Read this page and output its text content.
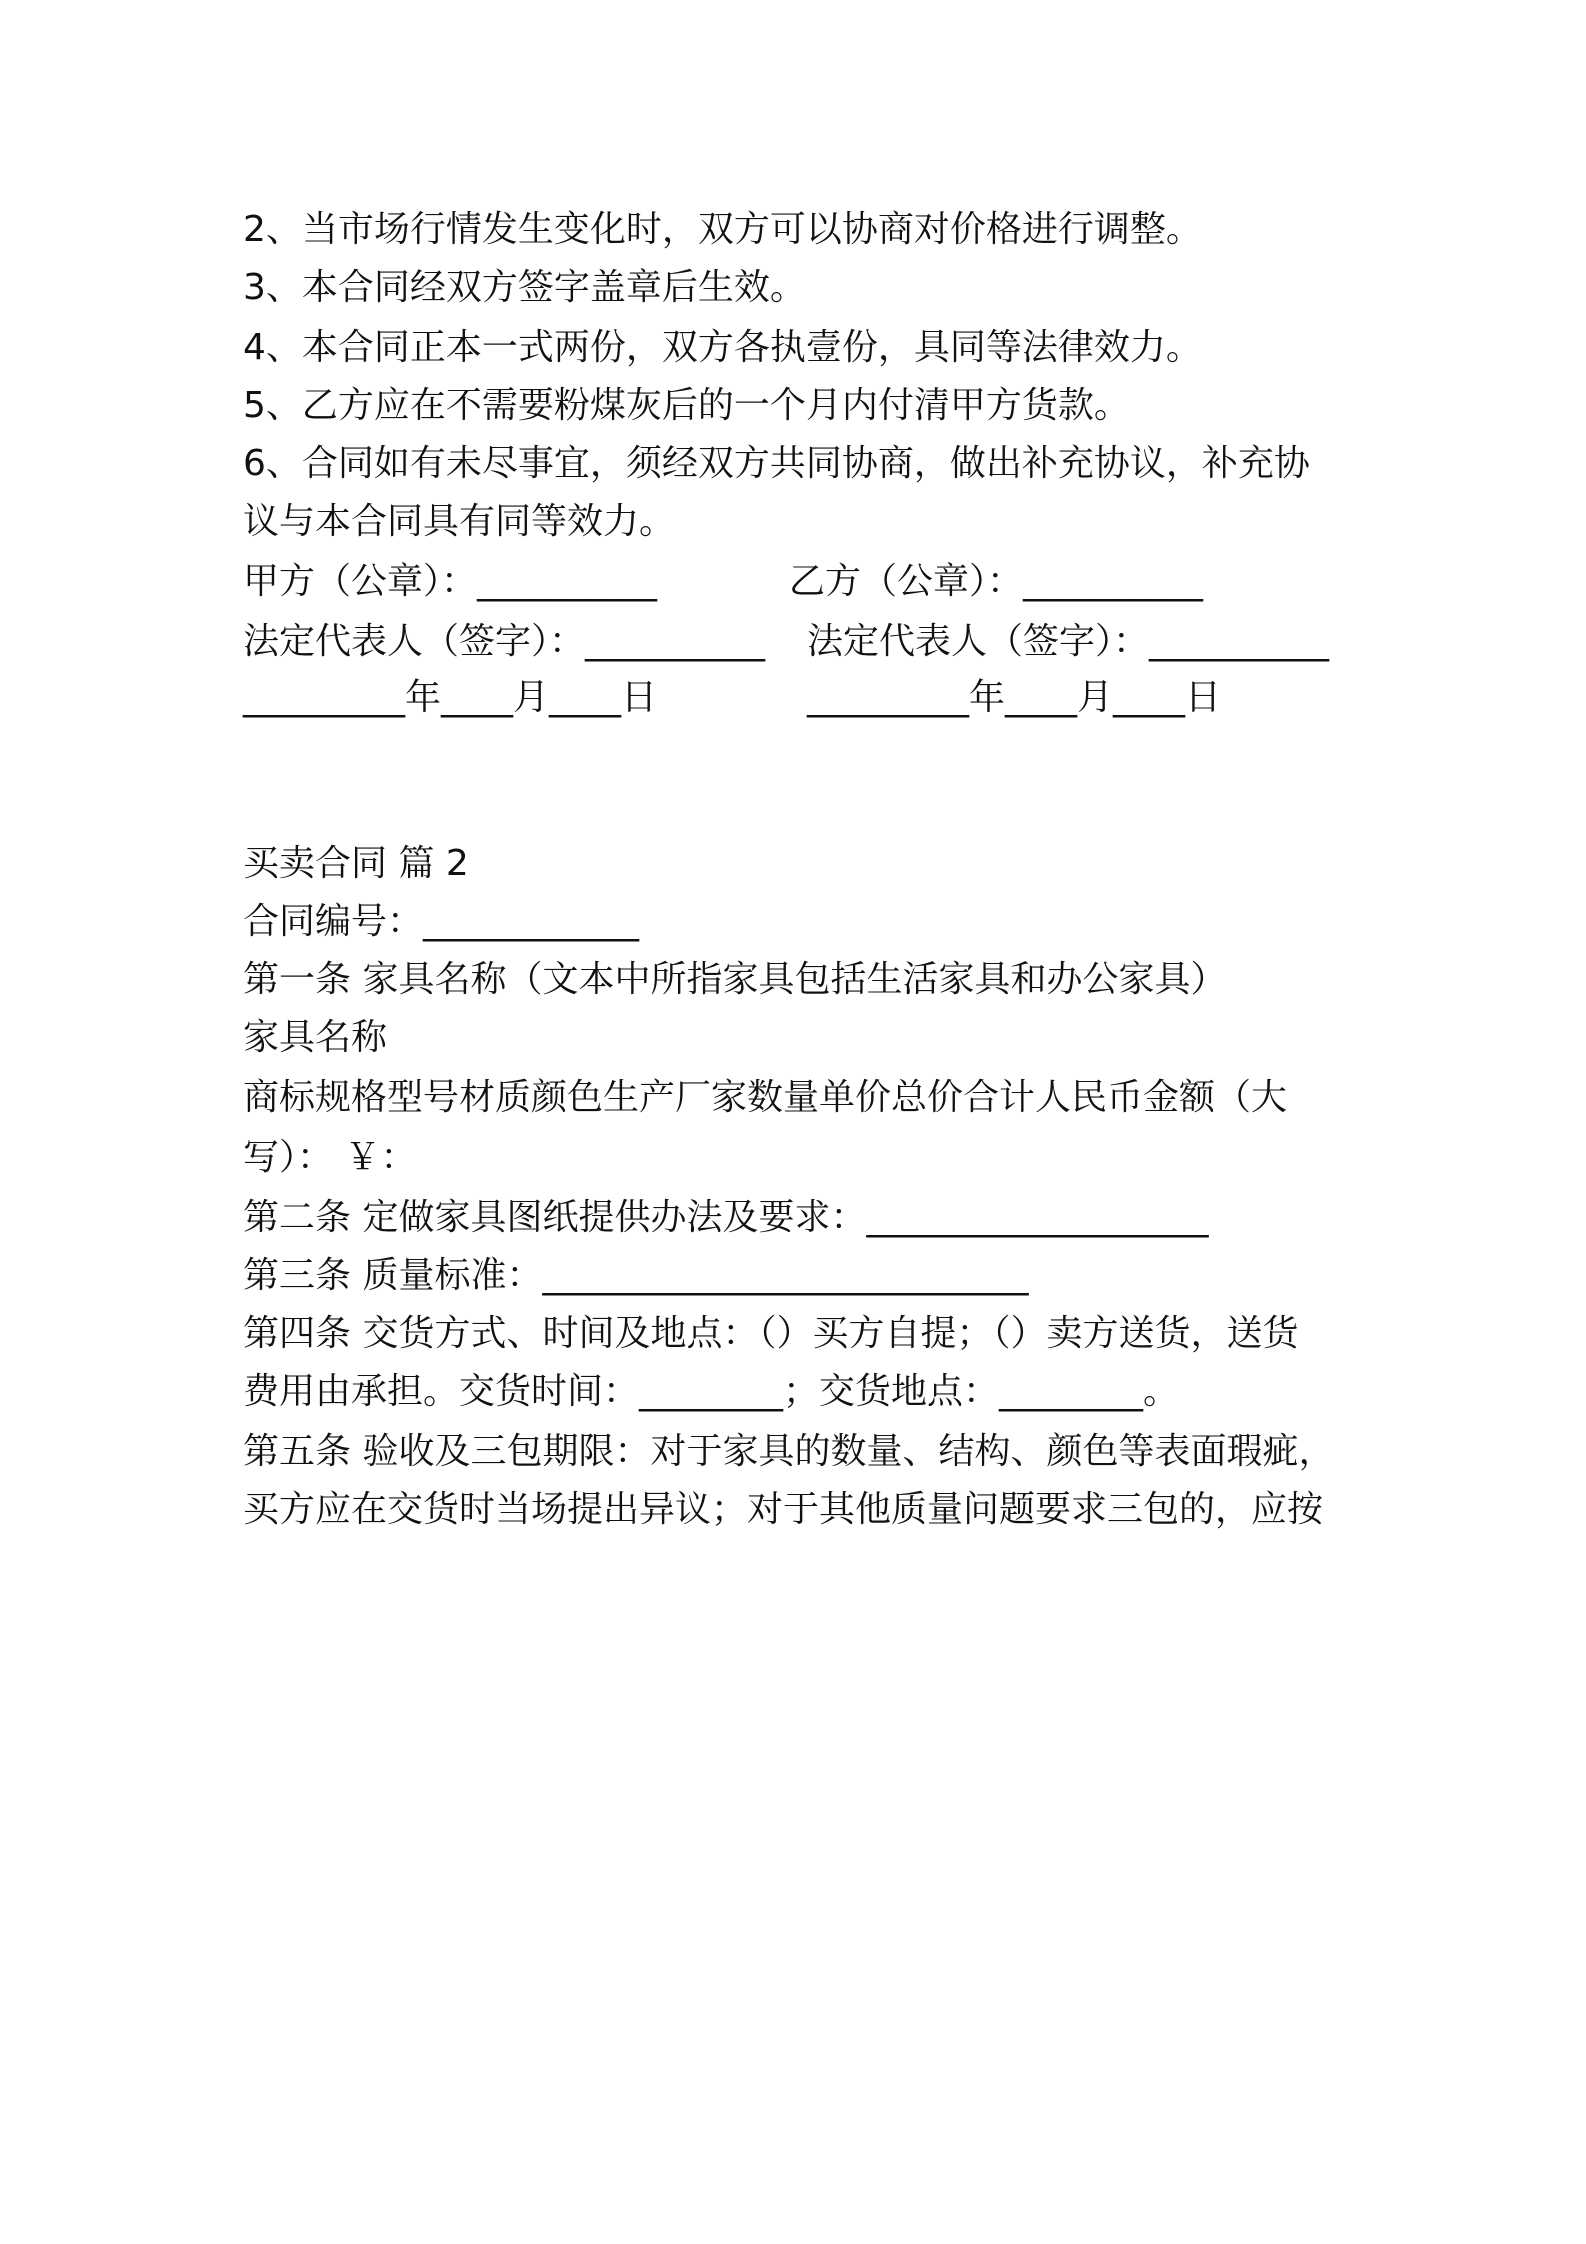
2、当市场行情发生变化时，双方可以协商对价格进行调整。

3、本合同经双方签字盖章后生效。

4、本合同正本一式两份，双方各执壹份，具同等法律效力。

5、乙方应在不需要粉煤灰后的一个月内付清甲方货款。

6、合同如有未尽事宜，须经双方共同协商，做出补充协议，补充协

议与本合同具有同等效力。

甲方（公章）：__________	乙方（公章）：__________
法定代表人（签字）：__________ 法定代表人（签字）：__________
_________年____月____日	_________年____月____日

买卖合同 篇 2

合同编号：____________

第一条 家具名称（文本中所指家具包括生活家具和办公家具）

家具名称

商标规格型号材质颜色生产厂家数量单价总价合计人民币金额（大

写）： ￥：

第二条 定做家具图纸提供办法及要求：___________________

第三条 质量标准：___________________________

第四条 交货方式、时间及地点：（）买方自提；（）卖方送货，送货

费用由承担。交货时间：________；交货地点：________。

第五条 验收及三包期限：对于家具的数量、结构、颜色等表面瑕疵，

买方应在交货时当场提出异议；对于其他质量问题要求三包的，应按
